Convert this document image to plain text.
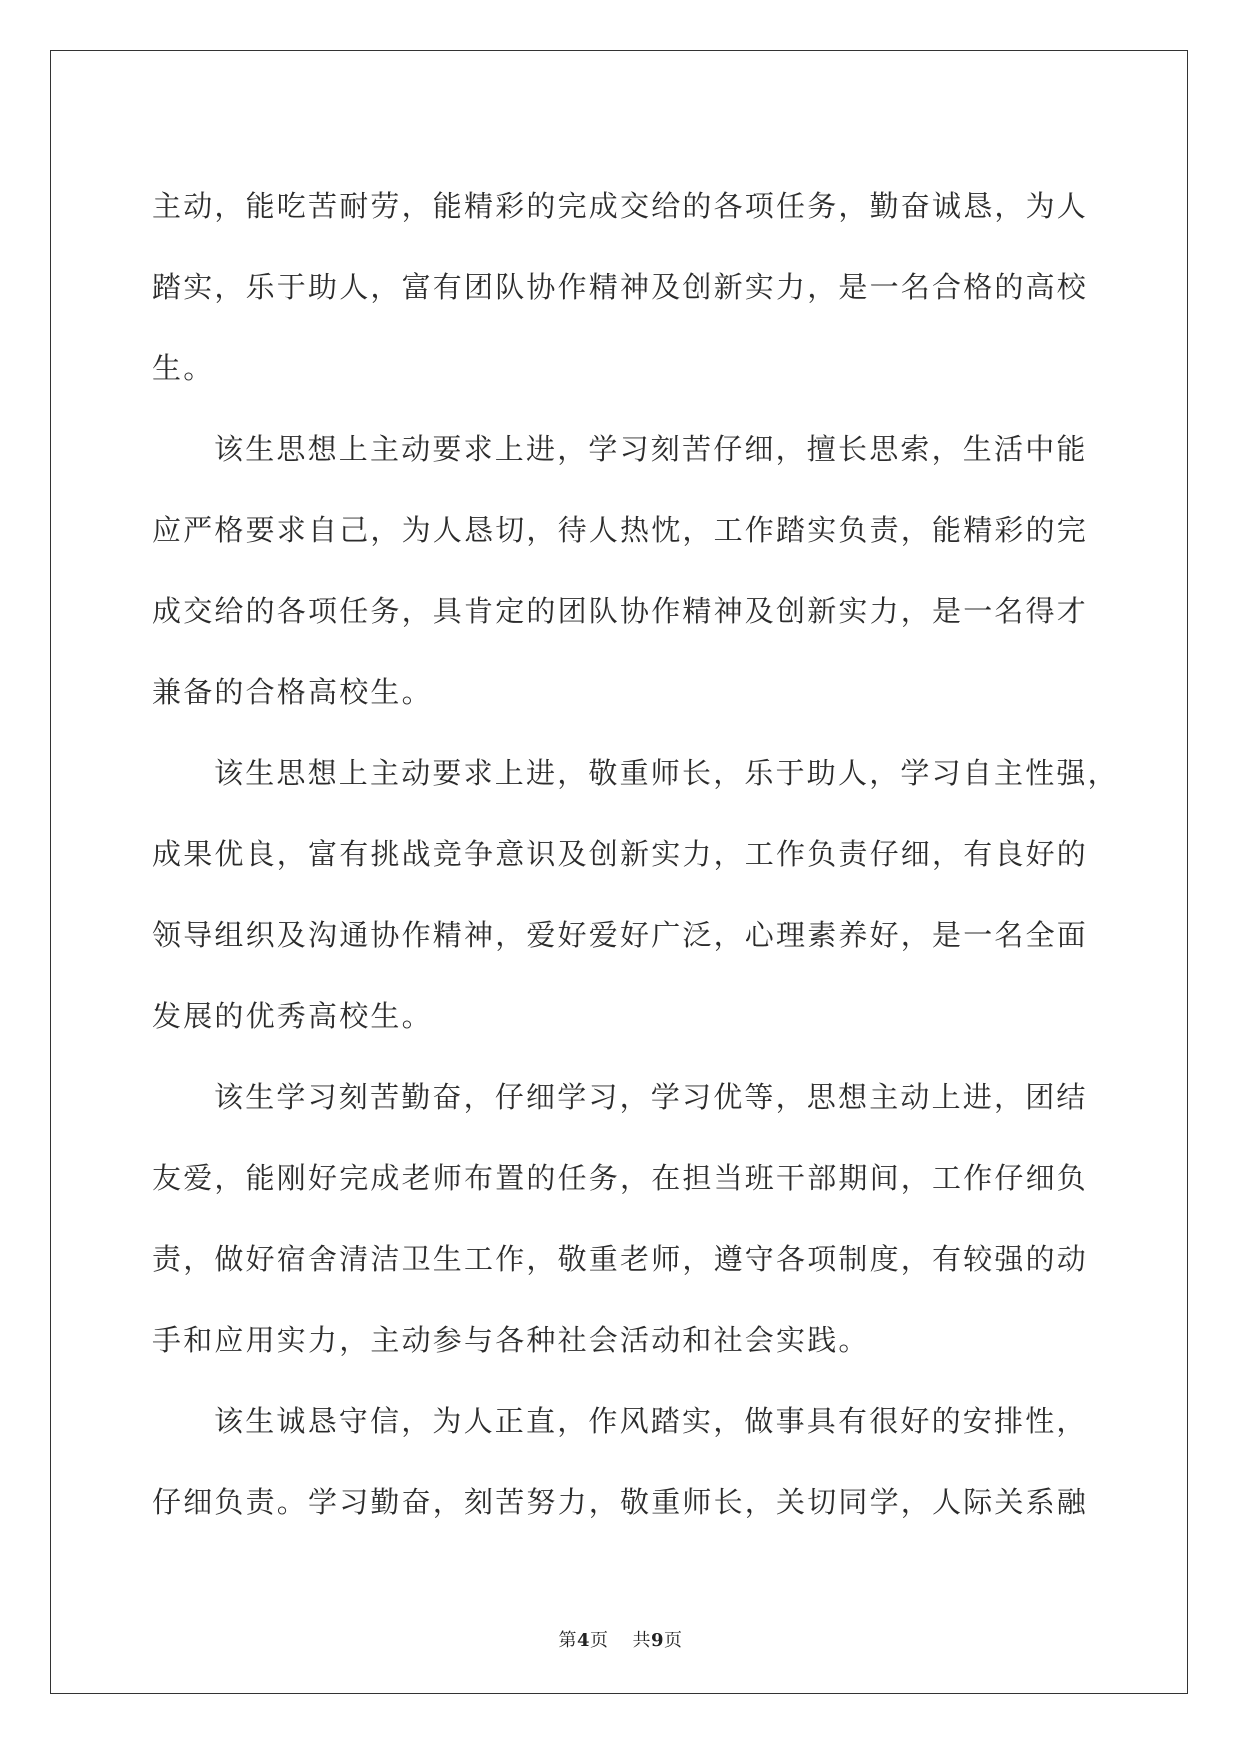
主动，能吃苦耐劳，能精彩的完成交给的各项任务，勤奋诚恳，为人
踏实，乐于助人，富有团队协作精神及创新实力，是一名合格的高校
生。
该生思想上主动要求上进，学习刻苦仔细，擅长思索，生活中能
应严格要求自己，为人恳切，待人热忱，工作踏实负责，能精彩的完
成交给的各项任务，具肯定的团队协作精神及创新实力，是一名得才
兼备的合格高校生。
该生思想上主动要求上进，敬重师长，乐于助人，学习自主性强，
成果优良，富有挑战竞争意识及创新实力，工作负责仔细，有良好的
领导组织及沟通协作精神，爱好爱好广泛，心理素养好，是一名全面
发展的优秀高校生。
该生学习刻苦勤奋，仔细学习，学习优等，思想主动上进，团结
友爱，能刚好完成老师布置的任务，在担当班干部期间，工作仔细负
责，做好宿舍清洁卫生工作，敬重老师，遵守各项制度，有较强的动
手和应用实力，主动参与各种社会活动和社会实践。
该生诚恳守信，为人正直，作风踏实，做事具有很好的安排性，
仔细负责。学习勤奋，刻苦努力，敬重师长，关切同学，人际关系融
第4页 共9页
